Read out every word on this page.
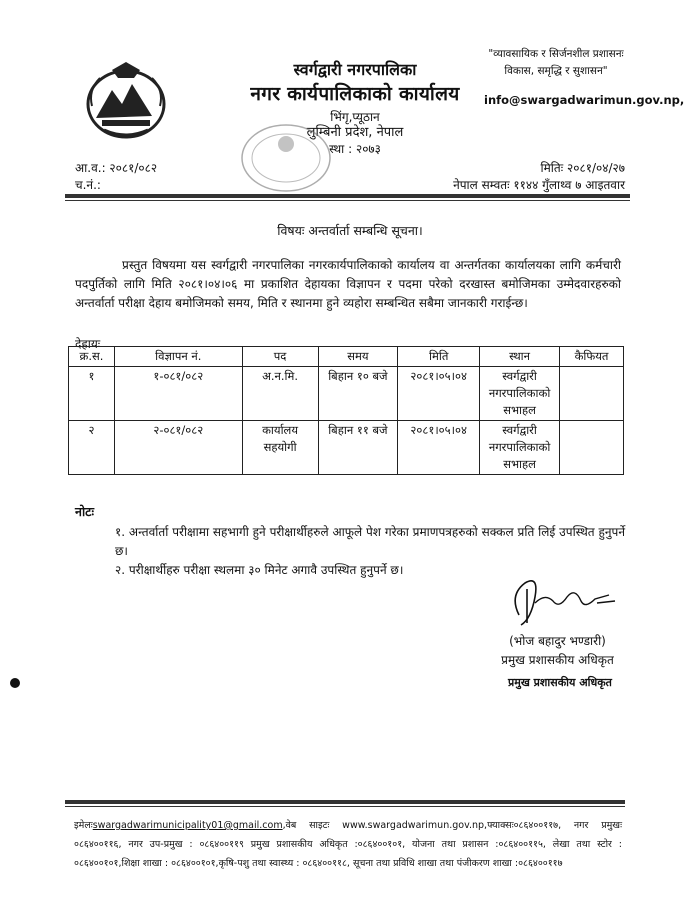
स्वर्गद्वारी नगरपालिका
नगर कार्यपालिकाको कार्यालय
भिंगृ,प्यूठान
लुम्बिनी प्रदेश, नेपाल
स्था : २०७३
"व्यावसायिक र सिर्जनशील प्रशासनः
विकास, समृद्धि र सुशासन"
info@swargadwarimun.gov.np,
आ.व.: २०८१/०८२
च.नं.:
मितिः २०८१/०४/२७
नेपाल सम्वतः ११४४ गुँलाथ्व ७ आइतवार
विषयः अन्तर्वार्ता सम्बन्धि सूचना।
प्रस्तुत विषयमा यस स्वर्गद्वारी नगरपालिका नगरकार्यपालिकाको कार्यालय वा अन्तर्गतका कार्यालयका लागि कर्मचारी पदपुर्तिको लागि मिति २०८१।०४।०६ मा प्रकाशित देहायका विज्ञापन र पदमा परेको दरखास्त बमोजिमका उम्मेदवारहरुको अन्तर्वार्ता परीक्षा देहाय बमोजिमको समय, मिति र स्थानमा हुने व्यहोरा सम्बन्धित सबैमा जानकारी गराईन्छ।
देहायः
क्र.स.	विज्ञापन नं.	पद	समय	मिति	स्थान	कैफियत
१	१-०८१/०८२	अ.न.मि.	बिहान १० बजे	२०८१।०५।०४	स्वर्गद्वारी नगरपालिकाको सभाहल	
२	२-०८१/०८२	कार्यालय सहयोगी	बिहान ११ बजे	२०८१।०५।०४	स्वर्गद्वारी नगरपालिकाको सभाहल	
नोटः
१. अन्तर्वार्ता परीक्षामा सहभागी हुने परीक्षार्थीहरुले आफूले पेश गरेका प्रमाणपत्रहरुको सक्कल प्रति लिई उपस्थित हुनुपर्ने छ।
२. परीक्षार्थीहरु परीक्षा स्थलमा ३० मिनेट अगावै उपस्थित हुनुपर्ने छ।
(भोज बहादुर भण्डारी)
प्रमुख प्रशासकीय अधिकृत
प्रमुख प्रशासकीय अधिकृत
इमेलःswargadwarimunicipality01@gmail.com,वेब साइटः www.swargadwarimun.gov.np,फ्याक्सः०८६४००११७, नगर प्रमुखः ०८६४००११६, नगर उप-प्रमुख : ०८६४००११९ प्रमुख प्रशासकीय अधिकृत :०८६४००१०१, योजना तथा प्रशासन :०८६४००११५, लेखा तथा स्टोर : ०८६४००१०१,शिक्षा शाखा : ०८६४००१०१,कृषि-पशु तथा स्वास्थ्य : ०८६४००११८, सूचना तथा प्रविधि शाखा तथा पंजीकरण शाखा :०८६४००११७
